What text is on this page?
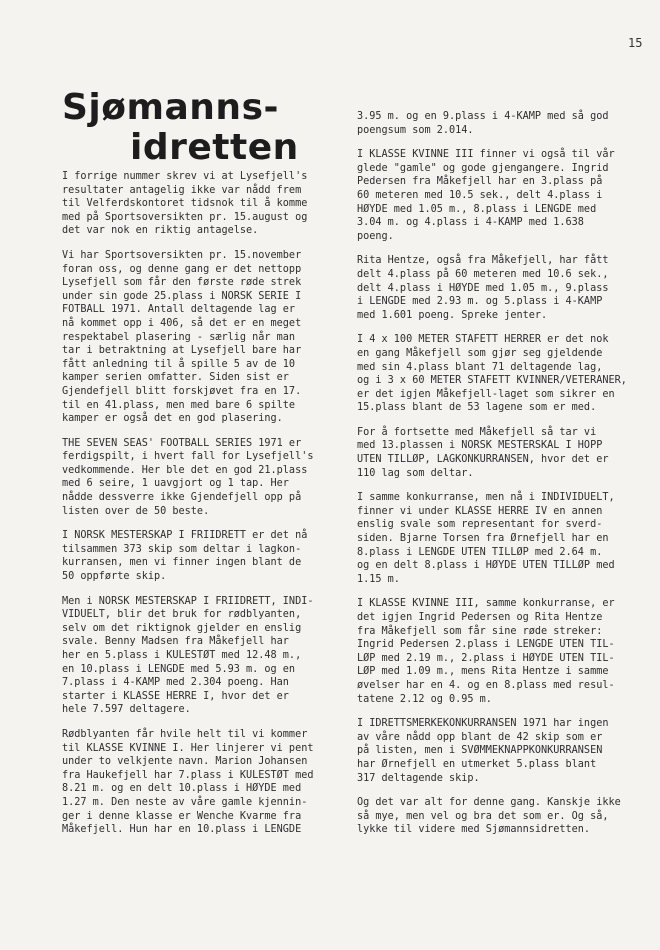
15
Sjømanns-
idretten

I forrige nummer skrev vi at Lysefjell's
resultater antagelig ikke var nådd frem
til Velferdskontoret tidsnok til å komme
med på Sportsoversikten pr. 15.august og
det var nok en riktig antagelse.

Vi har Sportsoversikten pr. 15.november
foran oss, og denne gang er det nettopp
Lysefjell som får den første røde strek
under sin gode 25.plass i NORSK SERIE I
FOTBALL 1971. Antall deltagende lag er
nå kommet opp i 406, så det er en meget
respektabel plasering - særlig når man
tar i betraktning at Lysefjell bare har
fått anledning til å spille 5 av de 10
kamper serien omfatter. Siden sist er
Gjendefjell blitt forskjøvet fra en 17.
til en 41.plass, men med bare 6 spilte
kamper er også det en god plasering.

THE SEVEN SEAS' FOOTBALL SERIES 1971 er
ferdigspilt, i hvert fall for Lysefjell's
vedkommende. Her ble det en god 21.plass
med 6 seire, 1 uavgjort og 1 tap. Her
nådde dessverre ikke Gjendefjell opp på
listen over de 50 beste.

I NORSK MESTERSKAP I FRIIDRETT er det nå
tilsammen 373 skip som deltar i lagkon-
kurransen, men vi finner ingen blant de
50 oppførte skip.

Men i NORSK MESTERSKAP I FRIIDRETT, INDI-
VIDUELT, blir det bruk for rødblyanten,
selv om det riktignok gjelder en enslig
svale. Benny Madsen fra Måkefjell har
her en 5.plass i KULESTØT med 12.48 m.,
en 10.plass i LENGDE med 5.93 m. og en
7.plass i 4-KAMP med 2.304 poeng. Han
starter i KLASSE HERRE I, hvor det er
hele 7.597 deltagere.

Rødblyanten får hvile helt til vi kommer
til KLASSE KVINNE I. Her linjerer vi pent
under to velkjente navn. Marion Johansen
fra Haukefjell har 7.plass i KULESTØT med
8.21 m. og en delt 10.plass i HØYDE med
1.27 m. Den neste av våre gamle kjennin-
ger i denne klasse er Wenche Kvarme fra
Måkefjell. Hun har en 10.plass i LENGDE

3.95 m. og en 9.plass i 4-KAMP med så god
poengsum som 2.014.

I KLASSE KVINNE III finner vi også til vår
glede "gamle" og gode gjengangere. Ingrid
Pedersen fra Måkefjell har en 3.plass på
60 meteren med 10.5 sek., delt 4.plass i
HØYDE med 1.05 m., 8.plass i LENGDE med
3.04 m. og 4.plass i 4-KAMP med 1.638
poeng.

Rita Hentze, også fra Måkefjell, har fått
delt 4.plass på 60 meteren med 10.6 sek.,
delt 4.plass i HØYDE med 1.05 m., 9.plass
i LENGDE med 2.93 m. og 5.plass i 4-KAMP
med 1.601 poeng. Spreke jenter.

I 4 x 100 METER STAFETT HERRER er det nok
en gang Måkefjell som gjør seg gjeldende
med sin 4.plass blant 71 deltagende lag,
og i 3 x 60 METER STAFETT KVINNER/VETERANER,
er det igjen Måkefjell-laget som sikrer en
15.plass blant de 53 lagene som er med.

For å fortsette med Måkefjell så tar vi
med 13.plassen i NORSK MESTERSKAL I HOPP
UTEN TILLØP, LAGKONKURRANSEN, hvor det er
110 lag som deltar.

I samme konkurranse, men nå i INDIVIDUELT,
finner vi under KLASSE HERRE IV en annen
enslig svale som representant for sverd-
siden. Bjarne Torsen fra Ørnefjell har en
8.plass i LENGDE UTEN TILLØP med 2.64 m.
og en delt 8.plass i HØYDE UTEN TILLØP med
1.15 m.

I KLASSE KVINNE III, samme konkurranse, er
det igjen Ingrid Pedersen og Rita Hentze
fra Måkefjell som får sine røde streker:
Ingrid Pedersen 2.plass i LENGDE UTEN TIL-
LØP med 2.19 m., 2.plass i HØYDE UTEN TIL-
LØP med 1.09 m., mens Rita Hentze i samme
øvelser har en 4. og en 8.plass med resul-
tatene 2.12 og 0.95 m.

I IDRETTSMERKEKONKURRANSEN 1971 har ingen
av våre nådd opp blant de 42 skip som er
på listen, men i SVØMMEKNAPPKONKURRANSEN
har Ørnefjell en utmerket 5.plass blant
317 deltagende skip.

Og det var alt for denne gang. Kanskje ikke
så mye, men vel og bra det som er. Og så,
lykke til videre med Sjømannsidretten.
